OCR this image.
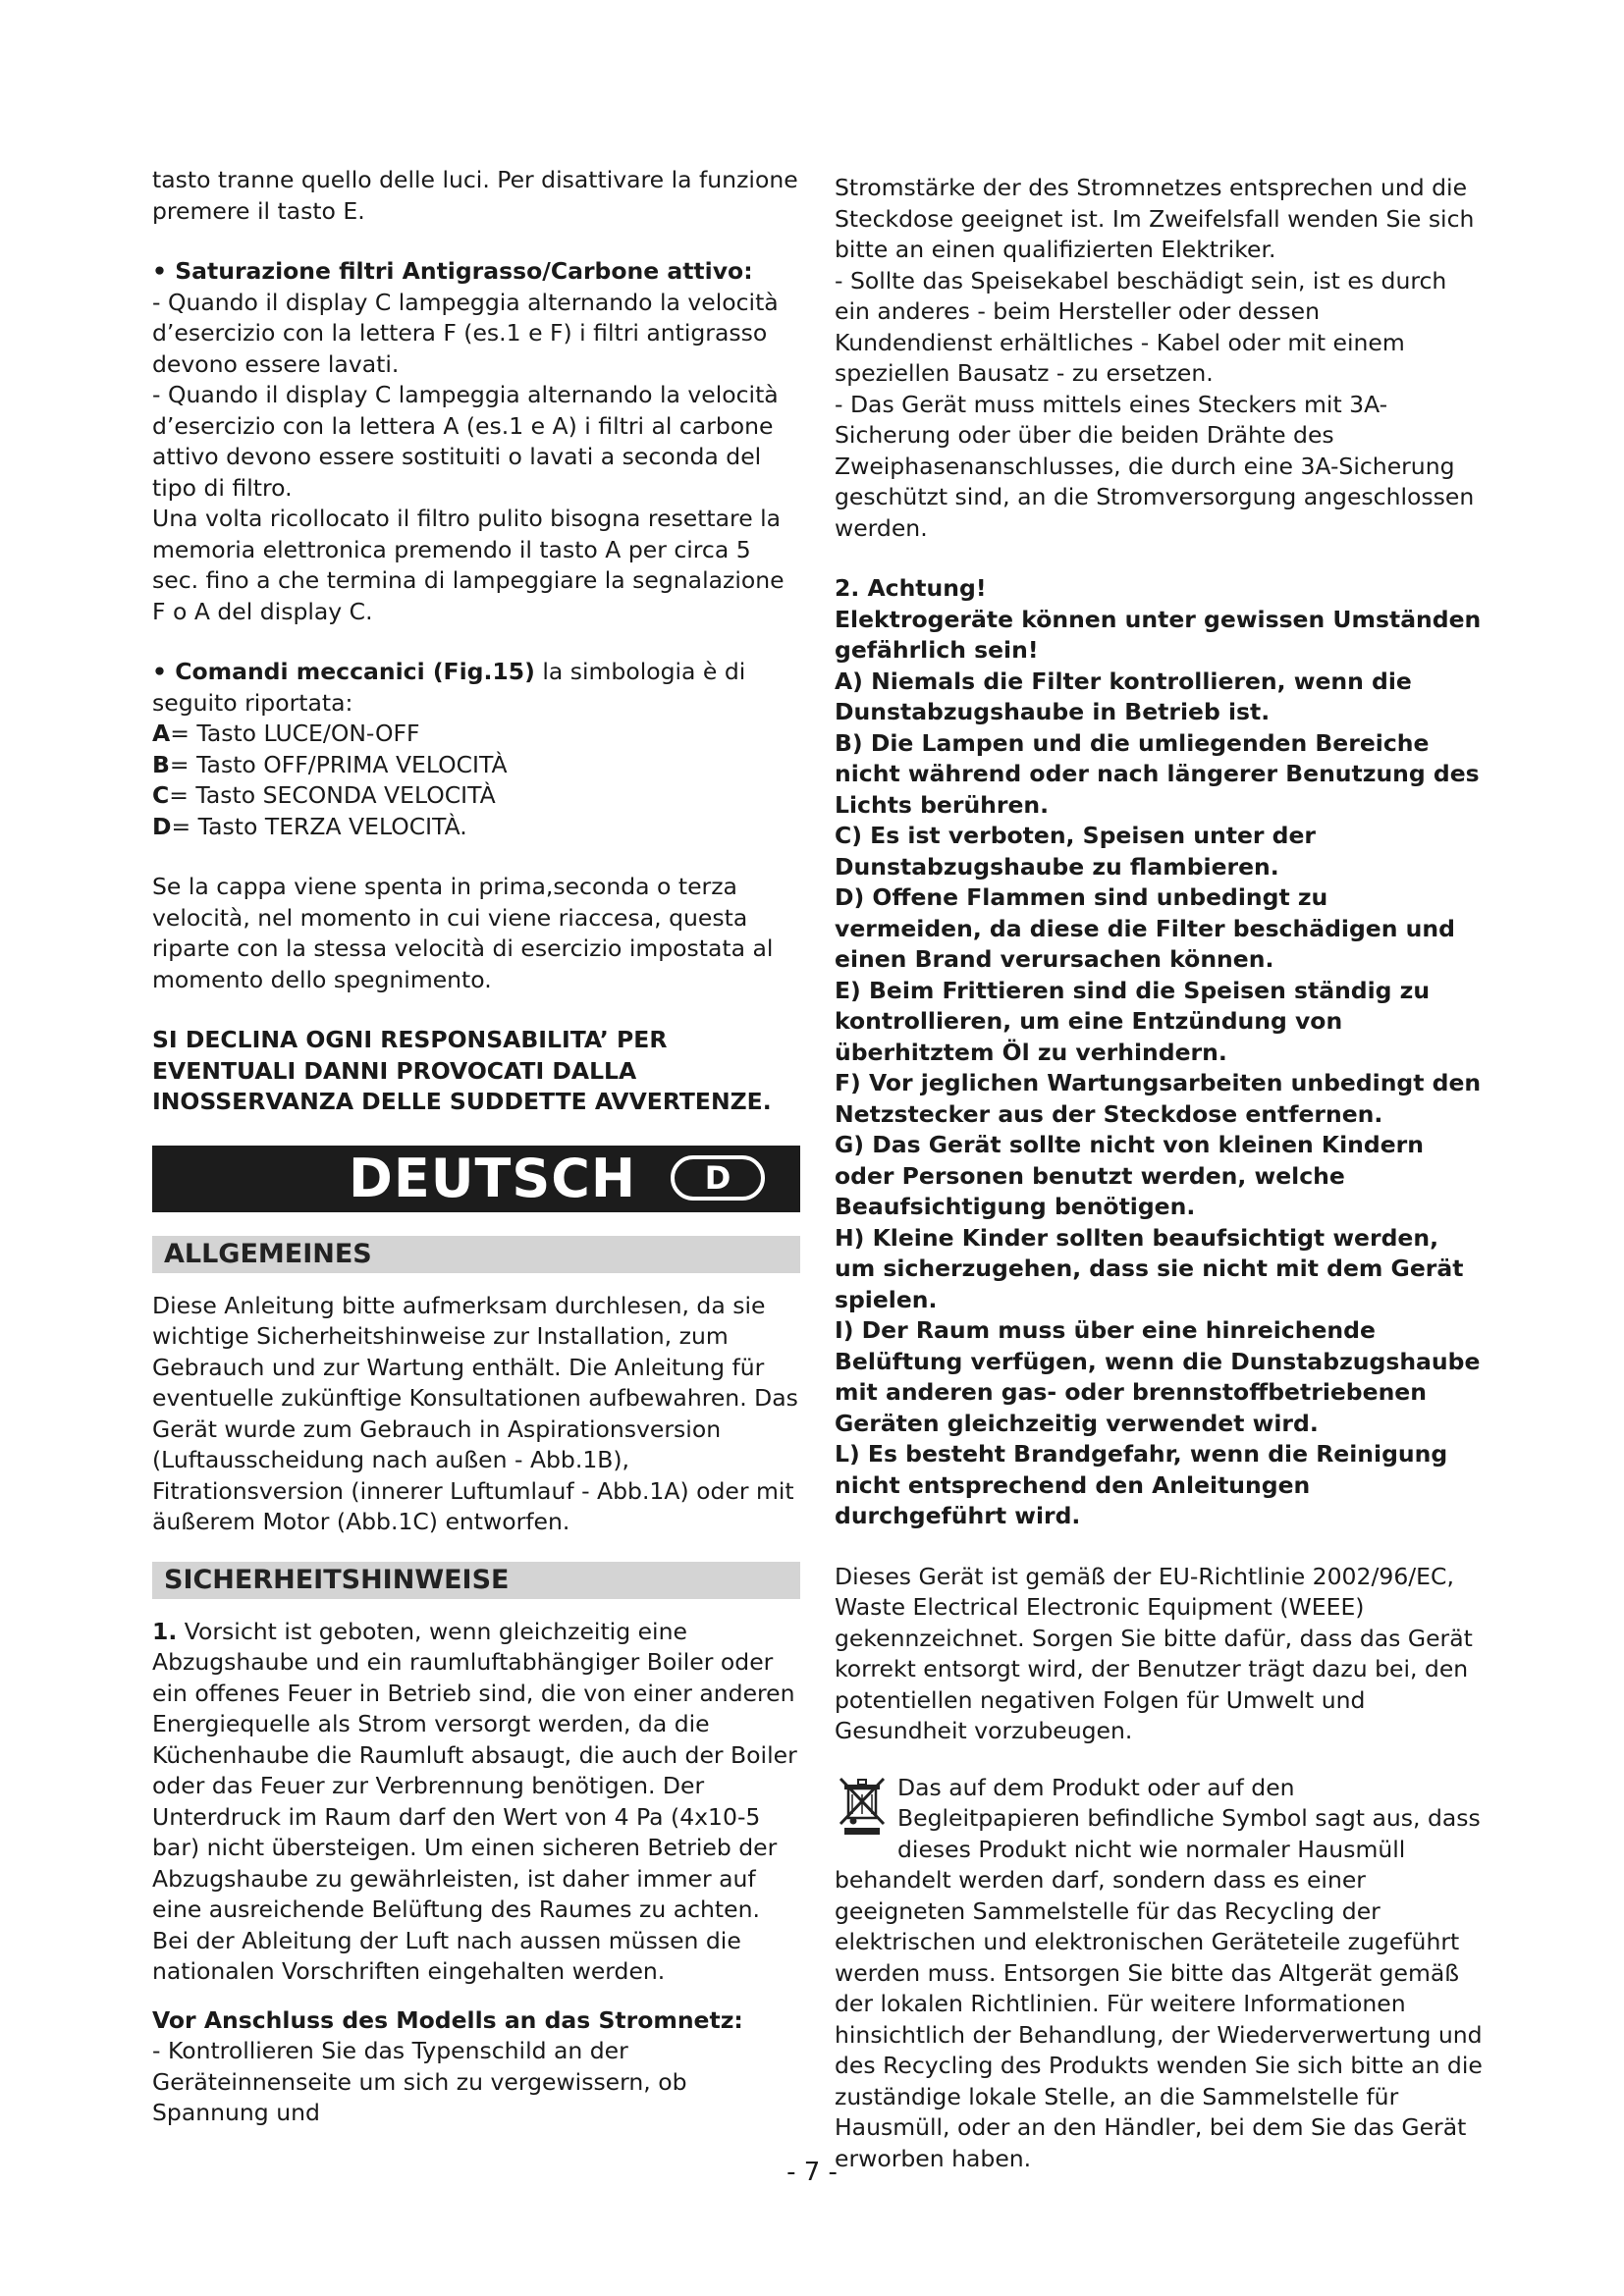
tasto tranne quello delle luci. Per disattivare la funzione premere il tasto E.

• Saturazione filtri Antigrasso/Carbone attivo:

- Quando il display C lampeggia alternando la velocità d’esercizio con la lettera F (es.1 e F) i filtri antigrasso devono essere lavati.

- Quando il display C lampeggia alternando la velocità d’esercizio con la lettera A (es.1 e A) i filtri al carbone attivo devono essere sostituiti o lavati a seconda del tipo di filtro.

Una volta ricollocato il filtro pulito bisogna resettare la memoria elettronica premendo il tasto A per circa 5 sec. fino a che termina di lampeggiare la segnalazione F o A del display C.

• Comandi meccanici (Fig.15) la simbologia è di seguito riportata:

A= Tasto LUCE/ON-OFF

B= Tasto OFF/PRIMA VELOCITÀ

C= Tasto SECONDA VELOCITÀ

D= Tasto TERZA VELOCITÀ.

Se la cappa viene spenta in prima,seconda o terza velocità, nel momento in cui viene riaccesa, questa riparte con la stessa velocità di esercizio impostata al momento dello spegnimento.

SI DECLINA OGNI RESPONSABILITA’ PER EVENTUALI DANNI PROVOCATI DALLA INOSSERVANZA DELLE SUDDETTE AVVERTENZE.

DEUTSCH	D
ALLGEMEINES

Diese Anleitung bitte aufmerksam durchlesen, da sie wichtige Sicherheitshinweise zur Installation, zum Gebrauch und zur Wartung enthält. Die Anleitung für eventuelle zukünftige Konsultationen aufbewahren. Das Gerät wurde zum Gebrauch in Aspirationsversion (Luftausscheidung nach außen - Abb.1B), Fitrationsversion (innerer Luftumlauf - Abb.1A) oder mit äußerem Motor (Abb.1C) entworfen.

SICHERHEITSHINWEISE

1. Vorsicht ist geboten, wenn gleichzeitig eine Abzugshaube und ein raumluftabhängiger Boiler oder ein offenes Feuer in Betrieb sind, die von einer anderen Energiequelle als Strom versorgt werden, da die Küchenhaube die Raumluft absaugt, die auch der Boiler oder das Feuer zur Verbrennung benötigen. Der Unterdruck im Raum darf den Wert von 4 Pa (4x10-5 bar) nicht übersteigen. Um einen sicheren Betrieb der Abzugshaube zu gewährleisten, ist daher immer auf eine ausreichende Belüftung des Raumes zu achten. Bei der Ableitung der Luft nach aussen müssen die nationalen Vorschriften eingehalten werden.

Vor Anschluss des Modells an das Stromnetz:

- Kontrollieren Sie das Typenschild an der Geräteinnenseite um sich zu vergewissern, ob Spannung und

Stromstärke der des Stromnetzes entsprechen und die Steckdose geeignet ist. Im Zweifelsfall wenden Sie sich bitte an einen qualifizierten Elektriker.

- Sollte das Speisekabel beschädigt sein, ist es durch ein anderes - beim Hersteller oder dessen Kundendienst erhältliches - Kabel oder mit einem speziellen Bausatz - zu ersetzen.

- Das Gerät muss mittels eines Steckers mit 3A-Sicherung oder über die beiden Drähte des Zweiphasenanschlusses, die durch eine 3A-Sicherung geschützt sind, an die Stromversorgung angeschlossen werden.

2. Achtung!

Elektrogeräte können unter gewissen Umständen gefährlich sein!

A) Niemals die Filter kontrollieren, wenn die Dunstabzugshaube in Betrieb ist.

B) Die Lampen und die umliegenden Bereiche nicht während oder nach längerer Benutzung des Lichts berühren.

C) Es ist verboten, Speisen unter der Dunstabzugshaube zu flambieren.

D) Offene Flammen sind unbedingt zu vermeiden, da diese die Filter beschädigen und einen Brand verursachen können.

E) Beim Frittieren sind die Speisen ständig zu kontrollieren, um eine Entzündung von überhitztem Öl zu verhindern.

F) Vor jeglichen Wartungsarbeiten unbedingt den Netzstecker aus der Steckdose entfernen.

G) Das Gerät sollte nicht von kleinen Kindern oder Personen benutzt werden, welche Beaufsichtigung benötigen.

H) Kleine Kinder sollten beaufsichtigt werden, um sicherzugehen, dass sie nicht mit dem Gerät spielen.

I) Der Raum muss über eine hinreichende Belüftung verfügen, wenn die Dunstabzugshaube mit anderen gas- oder brennstoffbetriebenen Geräten gleichzeitig verwendet wird.

L) Es besteht Brandgefahr, wenn die Reinigung nicht entsprechend den Anleitungen durchgeführt wird.

Dieses Gerät ist gemäß der EU-Richtlinie 2002/96/EC, Waste Electrical Electronic Equipment (WEEE) gekennzeichnet. Sorgen Sie bitte dafür, dass das Gerät korrekt entsorgt wird, der Benutzer trägt dazu bei, den potentiellen negativen Folgen für Umwelt und Gesundheit vorzubeugen.

Das auf dem Produkt oder auf den Begleitpapieren befindliche Symbol sagt aus, dass dieses Produkt nicht wie normaler Hausmüll behandelt werden darf, sondern dass es einer geeigneten Sammelstelle für das Recycling der elektrischen und elektronischen Geräteteile zugeführt werden muss. Entsorgen Sie bitte das Altgerät gemäß der lokalen Richtlinien. Für weitere Informationen hinsichtlich der Behandlung, der Wiederverwertung und des Recycling des Produkts wenden Sie sich bitte an die zuständige lokale Stelle, an die Sammelstelle für Hausmüll, oder an den Händler, bei dem Sie das Gerät erworben haben.

- 7 -
